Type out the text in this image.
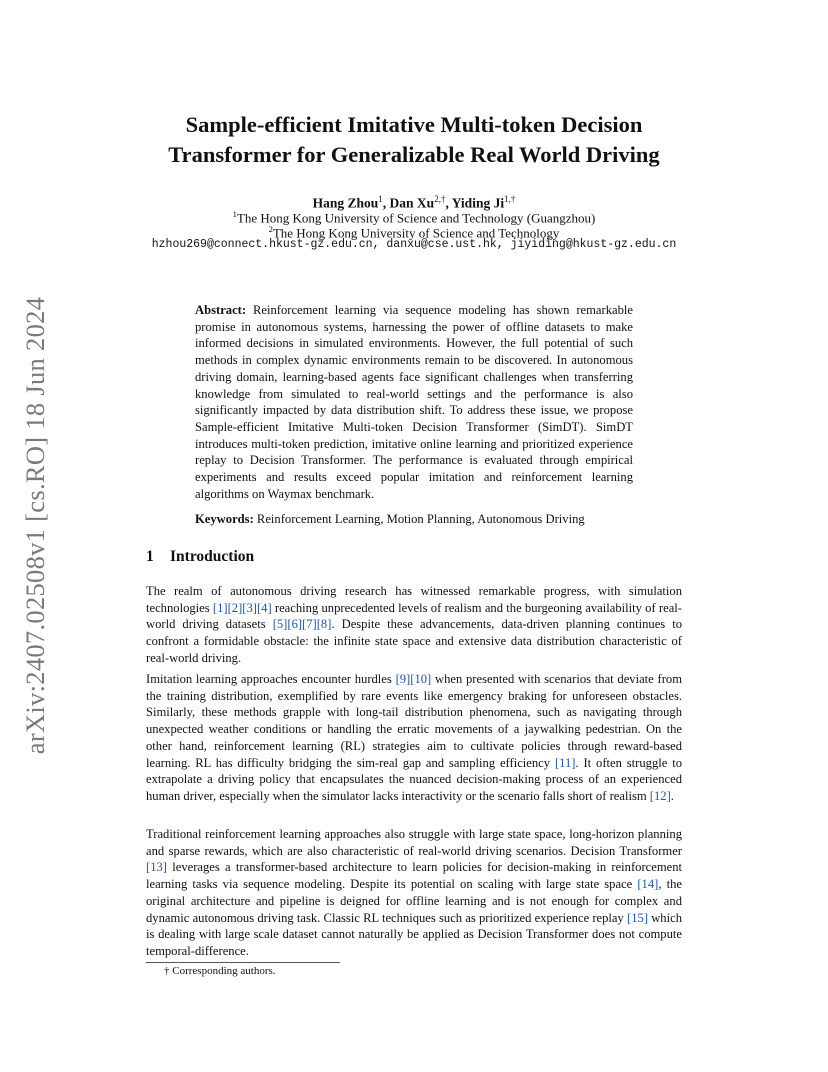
arXiv:2407.02508v1 [cs.RO] 18 Jun 2024
Sample-efficient Imitative Multi-token Decision
Transformer for Generalizable Real World Driving
Hang Zhou$^1$, Dan $Xu^{2,\dagger}$, Yiding $Ji^{1,\dagger}$
$^1$The Hong Kong University of Science and Technology (Guangzhou)
$^2$The Hong Kong University of Science and Technology
hzhou269@connect.hkust-gz.edu.cn, danxu@cse.ust.hk, jiyiding@hkust-gz.edu.cn
Abstract: Reinforcement learning via sequence modeling has shown remarkable promise in autonomous systems, harnessing the power of offline datasets to make informed decisions in simulated environments. However, the full potential of such methods in complex dynamic environments remain to be discovered. In autonomous driving domain, learning-based agents face significant challenges when transferring knowledge from simulated to real-world settings and the performance is also significantly impacted by data distribution shift. To address these issue, we propose Sample-efficient Imitative Multi-token Decision Transformer (SimDT). SimDT introduces multi-token prediction, imitative online learning and prioritized experience replay to Decision Transformer. The performance is evaluated through empirical experiments and results exceed popular imitation and reinforcement learning algorithms on Waymax benchmark.
Keywords: Reinforcement Learning, Motion Planning, Autonomous Driving
1 Introduction
The realm of autonomous driving research has witnessed remarkable progress, with simulation technologies [1][2][3][4] reaching unprecedented levels of realism and the burgeoning availability of real-world driving datasets [5][6][7][8]. Despite these advancements, data-driven planning continues to confront a formidable obstacle: the infinite state space and extensive data distribution characteristic of real-world driving.
Imitation learning approaches encounter hurdles [9][10] when presented with scenarios that deviate from the training distribution, exemplified by rare events like emergency braking for unforeseen obstacles. Similarly, these methods grapple with long-tail distribution phenomena, such as navigating through unexpected weather conditions or handling the erratic movements of a jaywalking pedestrian. On the other hand, reinforcement learning (RL) strategies aim to cultivate policies through reward-based learning. RL has difficulty bridging the sim-real gap and sampling efficiency [11]. It often struggle to extrapolate a driving policy that encapsulates the nuanced decision-making process of an experienced human driver, especially when the simulator lacks interactivity or the scenario falls short of realism [12].
Traditional reinforcement learning approaches also struggle with large state space, long-horizon planning and sparse rewards, which are also characteristic of real-world driving scenarios. Decision Transformer [13] leverages a transformer-based architecture to learn policies for decision-making in reinforcement learning tasks via sequence modeling. Despite its potential on scaling with large state space [14], the original architecture and pipeline is deigned for offline learning and is not enough for complex and dynamic autonomous driving task. Classic RL techniques such as prioritized experience replay [15] which is dealing with large scale dataset cannot naturally be applied as Decision Transformer does not compute temporal-difference.
† Corresponding authors.
